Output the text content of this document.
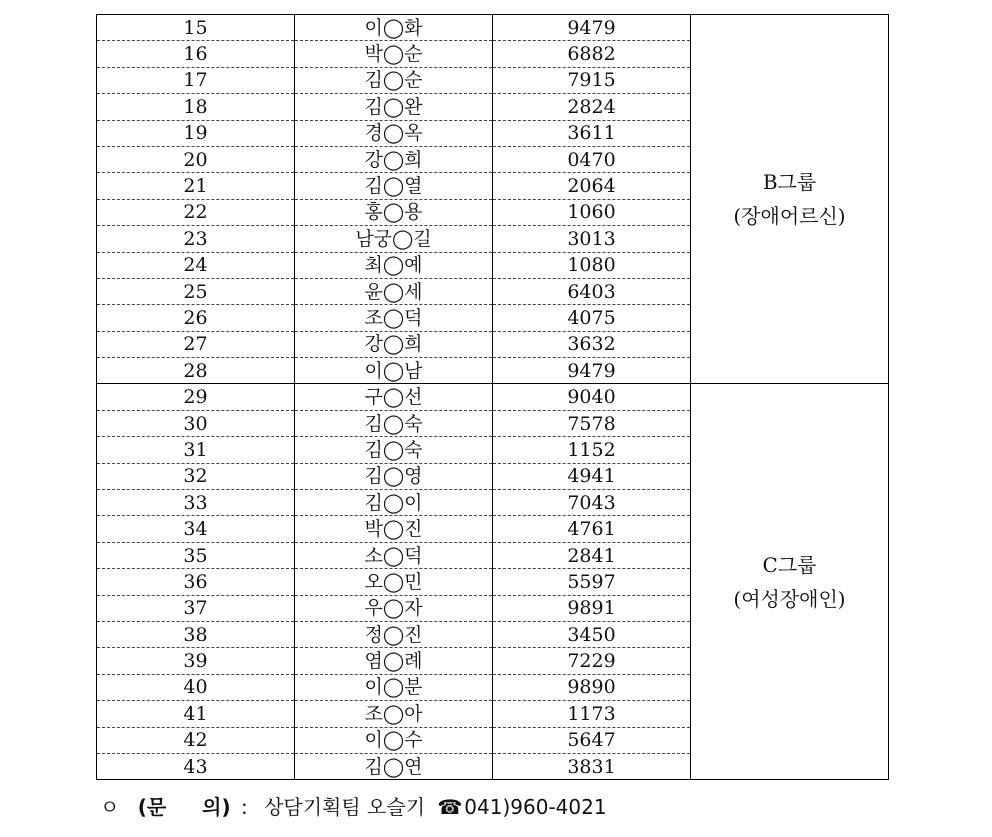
15	이◯화	9479	B그룹
(장애어르신)

16	박◯순	6882	
17	김◯순	7915	
18	김◯완	2824	
19	경◯옥	3611	
20	강◯희	0470	
21	김◯열	2064	
22	홍◯용	1060	
23	남궁◯길	3013	
24	최◯예	1080	
25	윤◯세	6403	
26	조◯덕	4075	
27	강◯희	3632	
28	이◯남	9479	
29	구◯선	9040	C그룹
(여성장애인)

30	김◯숙	7578	
31	김◯숙	1152	
32	김◯영	4941	
33	김◯이	7043	
34	박◯진	4761	
35	소◯덕	2841	
36	오◯민	5597	
37	우◯자	9891	
38	정◯진	3450	
39	염◯례	7229	
40	이◯분	9890	
41	조◯아	1173	
42	이◯수	5647	
43	김◯연	3831	
ㅇ (문 의) : 상담기획팀 오슬기 ☎ 041)960-4021
